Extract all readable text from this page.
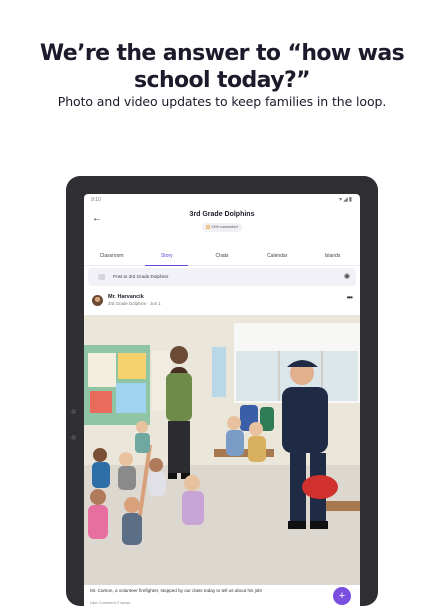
We’re the answer to “how was school today?”
Photo and video updates to keep families in the loop.
9:10	▾◢▮
←	3rd Grade Dolphins
24% connected
Classroom	Story	Chats	Calendar	Islands
▦	Post to 3rd Grade Dolphins	◉
Mr. Harvancik
3rd Grade Dolphins · Jun 1
•••
Mr. Carson, a volunteer firefighter, stopped by our class today to tell us about his job!	+
Like Comment 2 views
